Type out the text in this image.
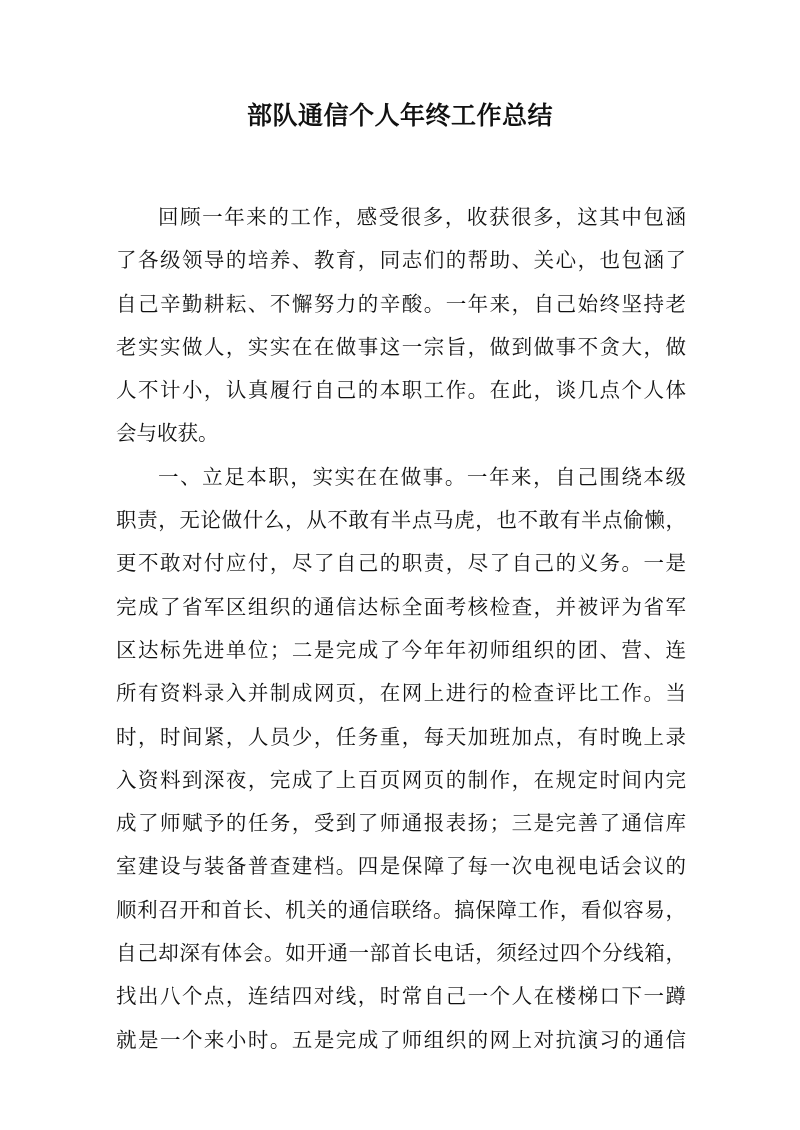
部队通信个人年终工作总结
回顾一年来的工作，感受很多，收获很多，这其中包涵
了各级领导的培养、教育，同志们的帮助、关心，也包涵了
自己辛勤耕耘、不懈努力的辛酸。一年来，自己始终坚持老
老实实做人，实实在在做事这一宗旨，做到做事不贪大，做
人不计小，认真履行自己的本职工作。在此，谈几点个人体
会与收获。
一、立足本职，实实在在做事。一年来，自己围绕本级
职责，无论做什么，从不敢有半点马虎，也不敢有半点偷懒，
更不敢对付应付，尽了自己的职责，尽了自己的义务。一是
完成了省军区组织的通信达标全面考核检查，并被评为省军
区达标先进单位；二是完成了今年年初师组织的团、营、连
所有资料录入并制成网页，在网上进行的检查评比工作。当
时，时间紧，人员少，任务重，每天加班加点，有时晚上录
入资料到深夜，完成了上百页网页的制作，在规定时间内完
成了师赋予的任务，受到了师通报表扬；三是完善了通信库
室建设与装备普查建档。四是保障了每一次电视电话会议的
顺利召开和首长、机关的通信联络。搞保障工作，看似容易，
自己却深有体会。如开通一部首长电话，须经过四个分线箱，
找出八个点，连结四对线，时常自己一个人在楼梯口下一蹲
就是一个来小时。五是完成了师组织的网上对抗演习的通信
